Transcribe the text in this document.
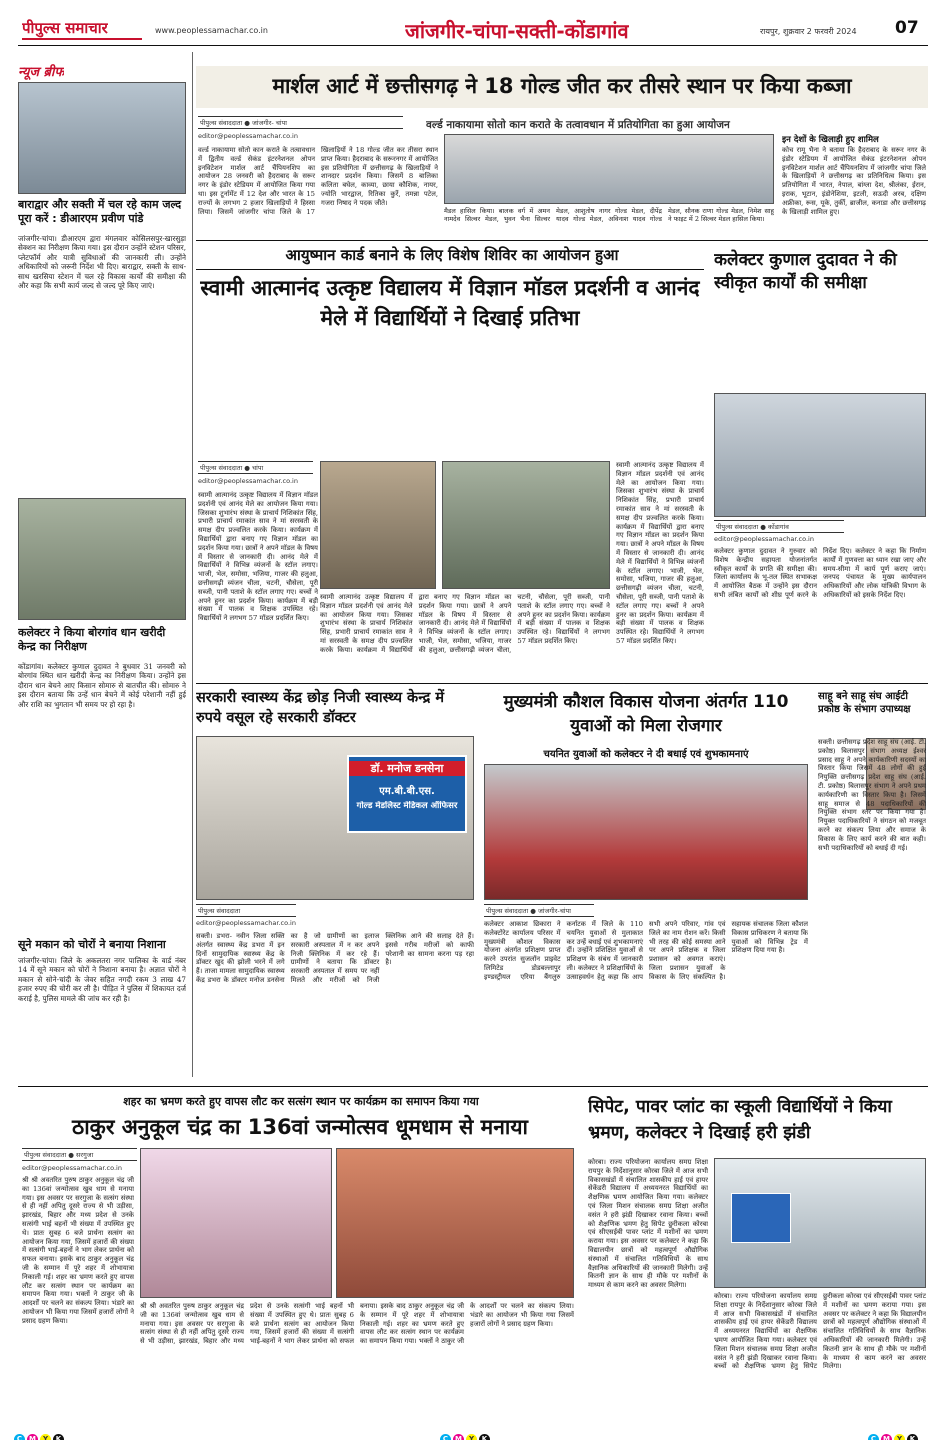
पीपुल्स समाचार	www.peoplessamachar.co.in	जांजगीर-चांपा-सक्ती-कोंडागांव	रायपुर, शुक्रवार 2 फरवरी 2024 07
न्यूज ब्रीफ
बाराद्वार और सक्ती में चल रहे काम जल्द पूरा करें : डीआरएम प्रवीण पांडे
जांजगीर-चांपा। डीआरएम द्वारा मंगलवार कोसिलसपुर-खारसुड़ा सेक्शन का निरीक्षण किया गया। इस दौरान उन्होंने स्टेशन परिसर, प्लेटफॉर्म और यात्री सुविधाओं की जानकारी ली। उन्होंने अधिकारियों को जरूरी निर्देश भी दिए। बाराद्वार, सक्ती के साथ-साथ खरसिया स्टेशन में चल रहे विकास कार्यों की समीक्षा की और कहा कि सभी कार्य जल्द से जल्द पूरे किए जाएं।
कलेक्टर ने किया बोरगांव धान खरीदी केन्द्र का निरीक्षण
कोंडागांव। कलेक्टर कुणाल दुदावत ने बुधवार 31 जनवरी को बोरगांव स्थित धान खरीदी केन्द्र का निरीक्षण किया। उन्होंने इस दौरान धान बेचने आए किसान सोमारु से बातचीत की। सोमारु ने इस दौरान बताया कि उन्हें धान बेचने में कोई परेशानी नहीं हुई और राशि का भुगतान भी समय पर हो रहा है।
सूने मकान को चोरों ने बनाया निशाना
जांजगीर-चांपा। जिले के अकलतरा नगर पालिका के वार्ड नंबर 14 में सूने मकान को चोरों ने निशाना बनाया है। अज्ञात चोरों ने मकान से सोने-चांदी के जेवर सहित नगदी रकम 3 लाख 47 हजार रुपए की चोरी कर ली है। पीड़ित ने पुलिस में शिकायत दर्ज कराई है, पुलिस मामले की जांच कर रही है।
मार्शल आर्ट में छत्तीसगढ़ ने 18 गोल्ड जीत कर तीसरे स्थान पर किया कब्जा
वर्ल्ड नाकायामा सोतो कान कराते के तत्वावधान में प्रतियोगिता का हुआ आयोजन
पीपुल्स संवाददाता ● जांजगीर- चांपा
editor@peoplessamachar.co.in
वर्ल्ड नाकायामा सोतो कान कराते के तत्वावधान में द्वितीय वर्ल्ड सेकंड इंटरनेशनल ओपन इनविटेशन मार्शल आर्ट चैंपियनशिप का आयोजन 28 जनवरी को हैदराबाद के सरूर नगर के इंडोर स्टेडियम में आयोजित किया गया था। इस टूर्नामेंट में 12 देश और भारत के 15 राज्यों के लगभग 2 हजार खिलाड़ियों ने हिस्सा लिया। जिसमें जांजगीर चांपा जिले के 17 खिलाड़ियों ने 18 गोल्ड जीत कर तीसरा स्थान प्राप्त किया। हैदराबाद के सरूरनगर में आयोजित इस प्रतियोगिता में छत्तीसगढ़ के खिलाड़ियों ने शानदार प्रदर्शन किया। जिसमें 8 बालिका कलिता बघेल, काव्या, छाया कौशिक, नायर, ज्योति भारद्वाज, रितिका कुर्रे, तमन्ना पटेल, गजरा निषाद ने पदक जीते।
मैडल हासिल किया। बालक वर्ग में अमन नामदेव सिल्वर मेडल, भुवन भैना सिल्वर मेडल, आशुतोष नागर गोल्ड मेडल, दीपेंद्र यादव गोल्ड मेडल, अविनाश यादव गोल्ड मेडल, सौनक राणा गोल्ड मेडल, निमेश साहू ने फाइट में 2 सिल्वर मेडल हासिल किया।
इन देशों के खिलाड़ी हुए शामिल
कोच रामू भैना ने बताया कि हैदराबाद के सरूर नगर के इंडोर स्टेडियम में आयोजित सेकंड इंटरनेशनल ओपन इनविटेशन मार्शल आर्ट चैंपियनशिप में जांजगीर चांपा जिले के खिलाड़ियों ने छत्तीसगढ़ का प्रतिनिधित्व किया। इस प्रतियोगिता में भारत, नेपाल, बांग्ला देश, श्रीलंका, ईरान, इराक, भूटान, इंडोनेशिया, इटली, सऊदी अरब, दक्षिण अफ्रीका, रूस, यूके, तुर्की, ब्राजील, कनाडा और छत्तीसगढ़ के खिलाड़ी शामिल हुए।
आयुष्मान कार्ड बनाने के लिए विशेष शिविर का आयोजन हुआ
स्वामी आत्मानंद उत्कृष्ट विद्यालय में विज्ञान मॉडल प्रदर्शनी व आनंद मेले में विद्यार्थियों ने दिखाई प्रतिभा
पीपुल्स संवाददाता ● चांपा
editor@peoplessamachar.co.in
स्वामी आत्मानंद उत्कृष्ट विद्यालय में विज्ञान मॉडल प्रदर्शनी एवं आनंद मेले का आयोजन किया गया। जिसका शुभारंभ संस्था के प्राचार्य निशिकांत सिंह, प्रभारी प्राचार्य रमाकांत साव ने मां सरस्वती के समक्ष दीप प्रज्वलित करके किया। कार्यक्रम में विद्यार्थियों द्वारा बनाए गए विज्ञान मॉडल का प्रदर्शन किया गया। छात्रों ने अपने मॉडल के विषय में विस्तार से जानकारी दी। आनंद मेले में विद्यार्थियों ने विभिन्न व्यंजनों के स्टॉल लगाए। भाजी, भेल, समोसा, भजिया, गाजर की हलुआ, छत्तीसगढ़ी व्यंजन चीला, चटनी, चौसेला, पूरी सब्जी, पानी पताशे के स्टॉल लगाए गए। बच्चों ने अपने हुनर का प्रदर्शन किया। कार्यक्रम में बड़ी संख्या में पालक व शिक्षक उपस्थित रहे। विद्यार्थियों ने लगभग 57 मॉडल प्रदर्शित किए।
स्वामी आत्मानंद उत्कृष्ट विद्यालय में विज्ञान मॉडल प्रदर्शनी एवं आनंद मेले का आयोजन किया गया। जिसका शुभारंभ संस्था के प्राचार्य निशिकांत सिंह, प्रभारी प्राचार्य रमाकांत साव ने मां सरस्वती के समक्ष दीप प्रज्वलित करके किया। कार्यक्रम में विद्यार्थियों द्वारा बनाए गए विज्ञान मॉडल का प्रदर्शन किया गया। छात्रों ने अपने मॉडल के विषय में विस्तार से जानकारी दी। आनंद मेले में विद्यार्थियों ने विभिन्न व्यंजनों के स्टॉल लगाए। भाजी, भेल, समोसा, भजिया, गाजर की हलुआ, छत्तीसगढ़ी व्यंजन चीला, चटनी, चौसेला, पूरी सब्जी, पानी पताशे के स्टॉल लगाए गए। बच्चों ने अपने हुनर का प्रदर्शन किया। कार्यक्रम में बड़ी संख्या में पालक व शिक्षक उपस्थित रहे। विद्यार्थियों ने लगभग 57 मॉडल प्रदर्शित किए।
स्वामी आत्मानंद उत्कृष्ट विद्यालय में विज्ञान मॉडल प्रदर्शनी एवं आनंद मेले का आयोजन किया गया। जिसका शुभारंभ संस्था के प्राचार्य निशिकांत सिंह, प्रभारी प्राचार्य रमाकांत साव ने मां सरस्वती के समक्ष दीप प्रज्वलित करके किया। कार्यक्रम में विद्यार्थियों द्वारा बनाए गए विज्ञान मॉडल का प्रदर्शन किया गया। छात्रों ने अपने मॉडल के विषय में विस्तार से जानकारी दी। आनंद मेले में विद्यार्थियों ने विभिन्न व्यंजनों के स्टॉल लगाए। भाजी, भेल, समोसा, भजिया, गाजर की हलुआ, छत्तीसगढ़ी व्यंजन चीला, चटनी, चौसेला, पूरी सब्जी, पानी पताशे के स्टॉल लगाए गए। बच्चों ने अपने हुनर का प्रदर्शन किया। कार्यक्रम में बड़ी संख्या में पालक व शिक्षक उपस्थित रहे। विद्यार्थियों ने लगभग 57 मॉडल प्रदर्शित किए।
कलेक्टर कुणाल दुदावत ने की स्वीकृत कार्यों की समीक्षा
पीपुल्स संवाददाता ● कोंडागांव
editor@peoplessamachar.co.in
कलेक्टर कुणाल दुदावत ने गुरुवार को विशेष केन्द्रीय सहायता योजनांतर्गत स्वीकृत कार्यों के प्रगति की समीक्षा की। जिला कार्यालय के भू-तल स्थित सभाकक्ष में आयोजित बैठक में उन्होंने इस दौरान सभी लंबित कार्यों को शीघ्र पूर्ण करने के निर्देश दिए। कलेक्टर ने कहा कि निर्माण कार्यों में गुणवत्ता का ध्यान रखा जाए और समय-सीमा में कार्य पूर्ण कराए जाएं। जनपद पंचायत के मुख्य कार्यपालन अधिकारियों और लोक यांत्रिकी विभाग के अधिकारियों को इसके निर्देश दिए।
सरकारी स्वास्थ्य केंद्र छोड़ निजी स्वास्थ्य केन्द्र में रुपये वसूल रहे सरकारी डॉक्टर
डॉ. मनोज डनसेना
एम.बी.बी.एस.
गोल्ड मेडलिस्ट मेडिकल ऑफिसर
पीपुल्स संवाददाता
editor@peoplessamachar.co.in
सक्ती। डभरा- नवीन जिला सक्ति अंतर्गत स्वास्थ्य केंद्र डभरा में इन दिनों सामुदायिक स्वास्थ्य केंद्र के डॉक्टर खुद की झोली भरने में लगे हैं। ताजा मामला सामुदायिक स्वास्थ्य केंद्र डभरा के डॉक्टर मनोज डनसेना का है जो ग्रामीणों का इलाज सरकारी अस्पताल में न कर अपने निजी क्लिनिक में कर रहे हैं। ग्रामीणों ने बताया कि डॉक्टर सरकारी अस्पताल में समय पर नहीं मिलते और मरीजों को निजी क्लिनिक आने की सलाह देते हैं। इससे गरीब मरीजों को काफी परेशानी का सामना करना पड़ रहा है।
मुख्यमंत्री कौशल विकास योजना अंतर्गत 110 युवाओं को मिला रोजगार
चयनित युवाओं को कलेक्टर ने दी बधाई एवं शुभकामनाएं
पीपुल्स संवाददाता ● जांजगीर-चांपा
कलेक्टर आकाश छिकारा ने कलेक्टोरेट कार्यालय परिसर में मुख्यमंत्री कौशल विकास योजना अंतर्गत प्रशिक्षण प्राप्त करने उपरांत सुजलॉन प्राइवेट लिमिटेड डोडबल्लापुर इण्डस्ट्रीयल एरिया बैंगलुरु कर्नाटक में जिले के 110 चयनित युवाओं से मुलाकात कर उन्हें बधाई एवं शुभकामनाएं दीं। उन्होंने प्रशिक्षित युवाओं से प्रशिक्षण के संबंध में जानकारी ली। कलेक्टर ने प्रशिक्षार्थियों के उत्साहवर्धन हेतु कहा कि आप सभी अपने परिवार, गांव एवं जिले का नाम रोशन करें। किसी भी तरह की कोई समस्या आने पर अपने प्रशिक्षक व जिला प्रशासन को अवगत कराएं। जिला प्रशासन युवाओं के विकास के लिए संकल्पित है। सहायक संचालक जिला कौशल विकास प्राधिकरण ने बताया कि युवाओं को विभिन्न ट्रेड में प्रशिक्षण दिया गया है।
साहू बने साहू संघ आईटी प्रकोष्ठ के संभाग उपाध्यक्ष
सक्ती। छत्तीसगढ़ प्रदेश साहू संघ (आई. टी. प्रकोष्ठ) बिलासपुर संभाग अध्यक्ष ईश्वर प्रसाद साहू ने अपने कार्यकारिणी सदस्यों का विस्तार किया जिसमें 48 लोगों की हुई नियुक्ति छत्तीसगढ़ प्रदेश साहू संघ (आई. टी. प्रकोष्ठ) बिलासपुर संभाग ने अपने प्रथम कार्यकारिणी का विस्तार किया है। जिसमें साहू समाज से 48 पदाधिकारियों की नियुक्ति संभाग स्तर पर किया गया है। नियुक्त पदाधिकारियों ने संगठन को मजबूत करने का संकल्प लिया और समाज के विकास के लिए कार्य करने की बात कही। सभी पदाधिकारियों को बधाई दी गई।
शहर का भ्रमण करते हुए वापस लौट कर सत्संग स्थान पर कार्यक्रम का समापन किया गया
ठाकुर अनुकूल चंद्र का 136वां जन्मोत्सव धूमधाम से मनाया
पीपुल्स संवाददाता ● सरगुजा
editor@peoplessamachar.co.in
श्री श्री अवतरित पुरुष ठाकुर अनुकूल चंद्र जी का 136वां जन्मोत्सव खुब धाम से मनाया गया। इस अवसर पर सरगुजा के सत्संग संस्था से ही नहीं अपितु दूसरे राज्य से भी उड़ीसा, झारखंड, बिहार और मध्य प्रदेश से उनके सत्संगी भाई बहनों भी संख्या में उपस्थित हुए थे। प्रातः सुबह 6 बजे प्रार्थना सत्संग का आयोजन किया गया, जिसमें हजारों की संख्या में सत्संगी भाई-बहनों ने भाग लेकर प्रार्थना को सफल बनाया। इसके बाद ठाकुर अनुकूल चंद्र जी के सम्मान में पूरे शहर में शोभायात्रा निकाली गई। शहर का भ्रमण करते हुए वापस लौट कर सत्संग स्थान पर कार्यक्रम का समापन किया गया। भक्तों ने ठाकुर जी के आदर्शों पर चलने का संकल्प लिया। भंडारे का आयोजन भी किया गया जिसमें हजारों लोगों ने प्रसाद ग्रहण किया।
श्री श्री अवतरित पुरुष ठाकुर अनुकूल चंद्र जी का 136वां जन्मोत्सव खुब धाम से मनाया गया। इस अवसर पर सरगुजा के सत्संग संस्था से ही नहीं अपितु दूसरे राज्य से भी उड़ीसा, झारखंड, बिहार और मध्य प्रदेश से उनके सत्संगी भाई बहनों भी संख्या में उपस्थित हुए थे। प्रातः सुबह 6 बजे प्रार्थना सत्संग का आयोजन किया गया, जिसमें हजारों की संख्या में सत्संगी भाई-बहनों ने भाग लेकर प्रार्थना को सफल बनाया। इसके बाद ठाकुर अनुकूल चंद्र जी के सम्मान में पूरे शहर में शोभायात्रा निकाली गई। शहर का भ्रमण करते हुए वापस लौट कर सत्संग स्थान पर कार्यक्रम का समापन किया गया। भक्तों ने ठाकुर जी के आदर्शों पर चलने का संकल्प लिया। भंडारे का आयोजन भी किया गया जिसमें हजारों लोगों ने प्रसाद ग्रहण किया।
सिपेट, पावर प्लांट का स्कूली विद्यार्थियों ने किया भ्रमण, कलेक्टर ने दिखाई हरी झंडी
कोरबा। राज्य परियोजना कार्यालय समग्र शिक्षा रायपुर के निर्देशानुसार कोरबा जिले में आज सभी विकासखंडों में संचालित शासकीय हाई एवं हायर सेकेंडरी विद्यालय में अध्ययनरत विद्यार्थियों का शैक्षणिक भ्रमण आयोजित किया गया। कलेक्टर एवं जिला मिशन संचालक समग्र शिक्षा अजीत वसंत ने हरी झंडी दिखाकर रवाना किया। बच्चों को शैक्षणिक भ्रमण हेतु सिपेट छुरीकला कोरबा एवं सीएसईबी पावर प्लांट में मशीनों का भ्रमण कराया गया। इस अवसर पर कलेक्टर ने कहा कि विद्यालयीन छात्रों को महत्वपूर्ण औद्योगिक संस्थाओं में संचालित गतिविधियों के साथ वैज्ञानिक अधिकारियों की जानकारी मिलेगी। उन्हें कितनी ज्ञान के साथ ही मौके पर मशीनों के माध्यम से काम करने का अवसर मिलेगा।
कोरबा। राज्य परियोजना कार्यालय समग्र शिक्षा रायपुर के निर्देशानुसार कोरबा जिले में आज सभी विकासखंडों में संचालित शासकीय हाई एवं हायर सेकेंडरी विद्यालय में अध्ययनरत विद्यार्थियों का शैक्षणिक भ्रमण आयोजित किया गया। कलेक्टर एवं जिला मिशन संचालक समग्र शिक्षा अजीत वसंत ने हरी झंडी दिखाकर रवाना किया। बच्चों को शैक्षणिक भ्रमण हेतु सिपेट छुरीकला कोरबा एवं सीएसईबी पावर प्लांट में मशीनों का भ्रमण कराया गया। इस अवसर पर कलेक्टर ने कहा कि विद्यालयीन छात्रों को महत्वपूर्ण औद्योगिक संस्थाओं में संचालित गतिविधियों के साथ वैज्ञानिक अधिकारियों की जानकारी मिलेगी। उन्हें कितनी ज्ञान के साथ ही मौके पर मशीनों के माध्यम से काम करने का अवसर मिलेगा।
C M Y K	C M Y K	C M Y K
